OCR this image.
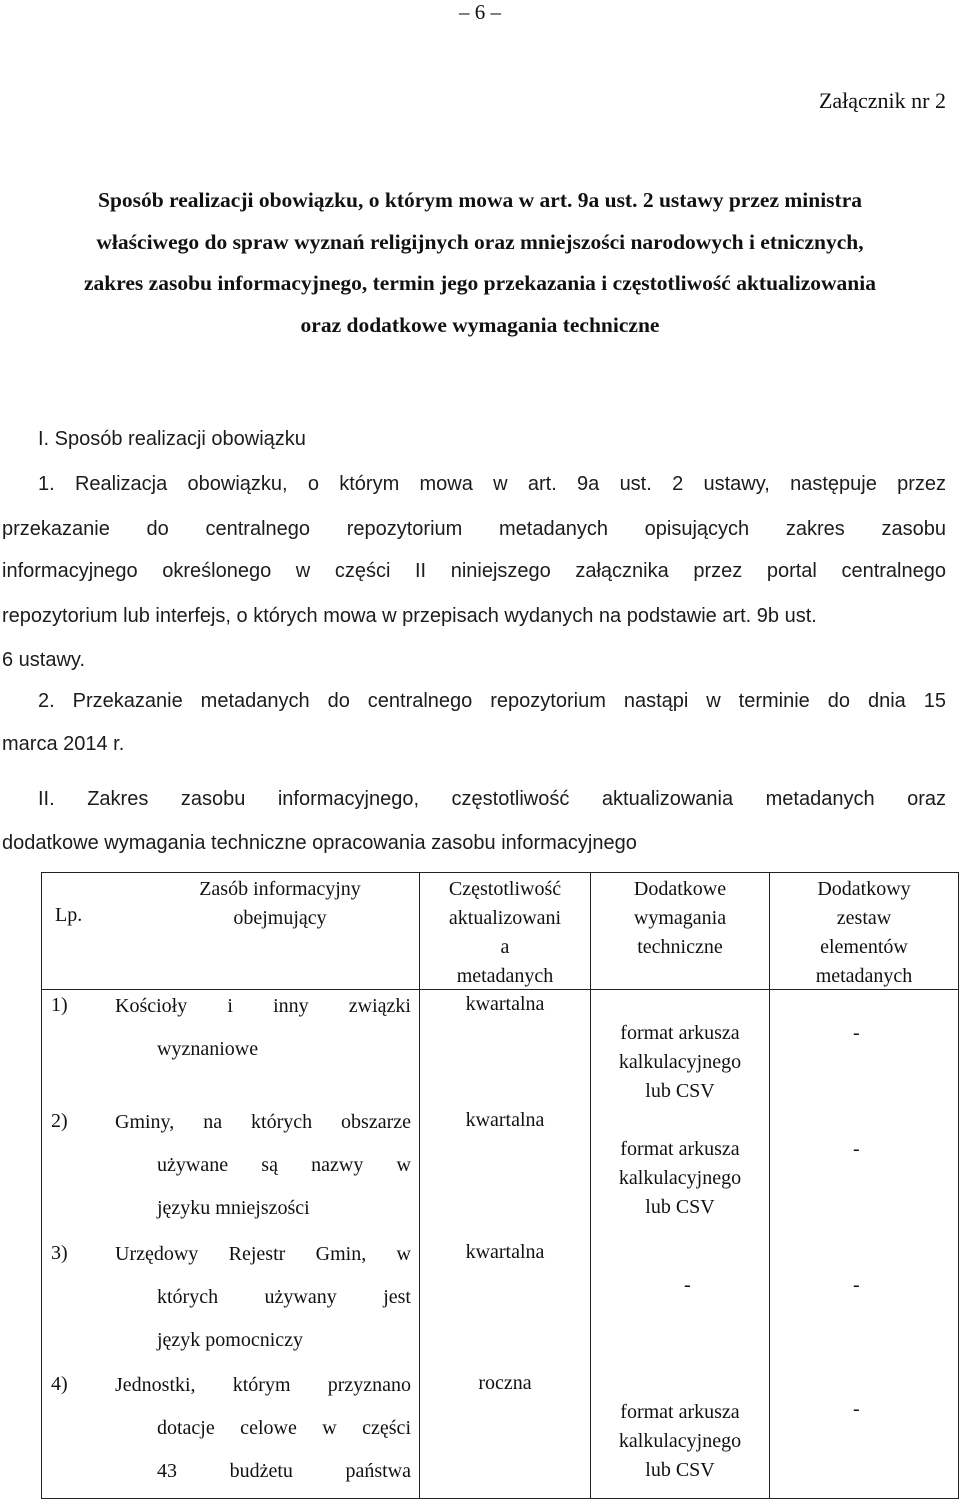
– 6 –
Załącznik nr 2
Sposób realizacji obowiązku, o którym mowa w art. 9a ust. 2 ustawy przez ministra
właściwego do spraw wyznań religijnych oraz mniejszości narodowych i etnicznych,
zakres zasobu informacyjnego, termin jego przekazania i częstotliwość aktualizowania
oraz dodatkowe wymagania techniczne
I. Sposób realizacji obowiązku
1. Realizacja obowiązku, o którym mowa w art. 9a ust. 2 ustawy, następuje przez
przekazanie do centralnego repozytorium metadanych opisujących zakres zasobu
informacyjnego określonego w części II niniejszego załącznika przez portal centralnego
repozytorium lub interfejs, o których mowa w przepisach wydanych na podstawie art. 9b ust.
6 ustawy.
2. Przekazanie metadanych do centralnego repozytorium nastąpi w terminie do dnia 15
marca 2014 r.
II. Zakres zasobu informacyjnego, częstotliwość aktualizowania metadanych oraz
dodatkowe wymagania techniczne opracowania zasobu informacyjnego
Lp.
Zasób informacyjny
obejmujący
Częstotliwość
aktualizowani
a
metadanych
Dodatkowe
wymagania
techniczne
Dodatkowy
zestaw
elementów
metadanych
1) Kościoły i inny związki
wyznaniowe
kwartalna
format arkusza
kalkulacyjnego
lub CSV
-
2) Gminy, na których obszarze
używane są nazwy w
języku mniejszości
kwartalna
format arkusza
kalkulacyjnego
lub CSV
-
3) Urzędowy Rejestr Gmin, w
których używany jest
język pomocniczy
kwartalna
-	-
4) Jednostki, którym przyznano
dotacje celowe w części
43 budżetu państwa
roczna
format arkusza
kalkulacyjnego
lub CSV
-
